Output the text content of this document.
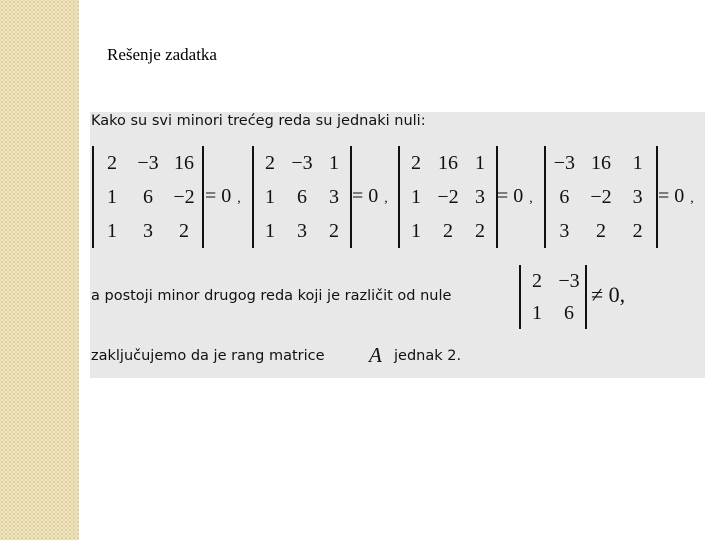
Rešenje zadatka
Kako su svi minori trećeg reda su jednaki nuli:
2	−3 16
1	6	−2
1	3	2
= 0 ,
2 −3 1
1	6	3
1	3	2
= 0 ,
2 16 1
1 −2 3
1	2	2
= 0 ,
−3 16	1
6	−2	3
3	2	2
= 0 ,
a postoji minor drugog reda koji je različit od nule
2 −3
1	6
≠ 0,
zaključujemo da je rang matrice A jednak 2.
